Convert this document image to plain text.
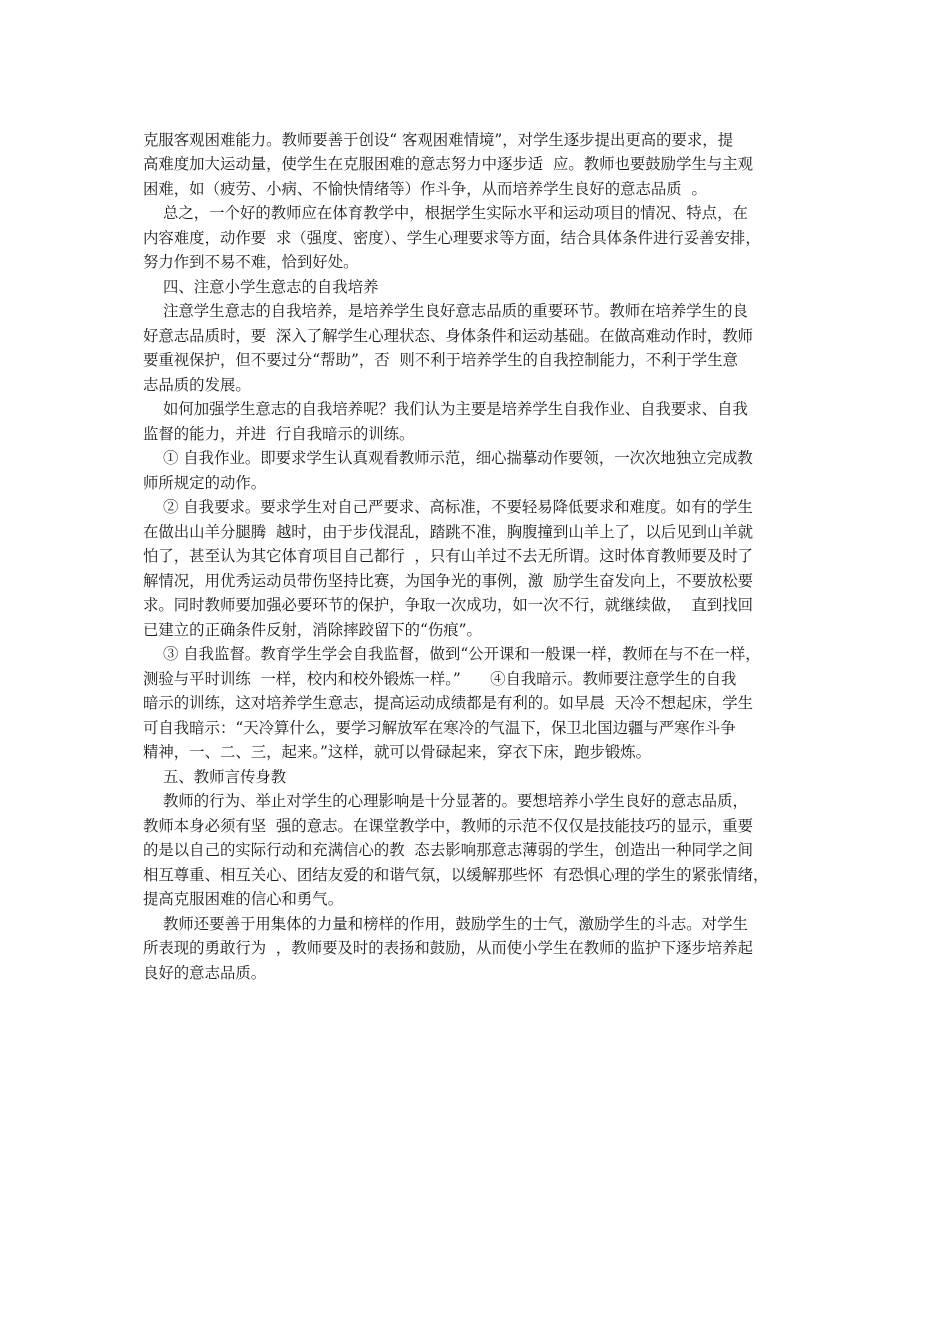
克服客观困难能力。教师要善于创设“ 客观困难情境”，对学生逐步提出更高的要求，提
高难度加大运动量，使学生在克服困难的意志努力中逐步适  应。教师也要鼓励学生与主观
困难，如（疲劳、小病、不愉快情绪等）作斗争，从而培养学生良好的意志品质  。
总之，一个好的教师应在体育教学中，根据学生实际水平和运动项目的情况、特点，在
内容难度，动作要  求（强度、密度）、学生心理要求等方面，结合具体条件进行妥善安排，
努力作到不易不难，恰到好处。
四、注意小学生意志的自我培养
注意学生意志的自我培养，是培养学生良好意志品质的重要环节。教师在培养学生的良
好意志品质时，要  深入了解学生心理状态、身体条件和运动基础。在做高难动作时，教师
要重视保护，但不要过分“帮助”，否  则不利于培养学生的自我控制能力，不利于学生意
志品质的发展。
如何加强学生意志的自我培养呢？我们认为主要是培养学生自我作业、自我要求、自我
监督的能力，并进  行自我暗示的训练。
① 自我作业。即要求学生认真观看教师示范，细心揣摹动作要领，一次次地独立完成教
师所规定的动作。
② 自我要求。要求学生对自己严要求、高标准，不要轻易降低要求和难度。如有的学生
在做出山羊分腿腾  越时，由于步伐混乱，踏跳不准，胸腹撞到山羊上了，以后见到山羊就
怕了，甚至认为其它体育项目自己都行  ，只有山羊过不去无所谓。这时体育教师要及时了
解情况，用优秀运动员带伤坚持比赛，为国争光的事例，激  励学生奋发向上，不要放松要
求。同时教师要加强必要环节的保护，争取一次成功，如一次不行，就继续做，  直到找回
已建立的正确条件反射，消除摔跤留下的“伤痕”。
③ 自我监督。教育学生学会自我监督，做到“公开课和一般课一样，教师在与不在一样，
测验与平时训练  一样，校内和校外锻炼一样。”      ④自我暗示。教师要注意学生的自我
暗示的训练，这对培养学生意志，提高运动成绩都是有利的。如早晨  天冷不想起床，学生
可自我暗示：“天冷算什么，要学习解放军在寒冷的气温下，保卫北国边疆与严寒作斗争
精神，一、二、三，起来。”这样，就可以骨碌起来，穿衣下床，跑步锻炼。
五、教师言传身教
教师的行为、举止对学生的心理影响是十分显著的。要想培养小学生良好的意志品质，
教师本身必须有坚  强的意志。在课堂教学中，教师的示范不仅仅是技能技巧的显示，重要
的是以自己的实际行动和充满信心的教  态去影响那意志薄弱的学生，创造出一种同学之间
相互尊重、相互关心、团结友爱的和谐气氛，以缓解那些怀  有恐惧心理的学生的紧张情绪，
提高克服困难的信心和勇气。
教师还要善于用集体的力量和榜样的作用，鼓励学生的士气，激励学生的斗志。对学生
所表现的勇敢行为  ，教师要及时的表扬和鼓励，从而使小学生在教师的监护下逐步培养起
良好的意志品质。
